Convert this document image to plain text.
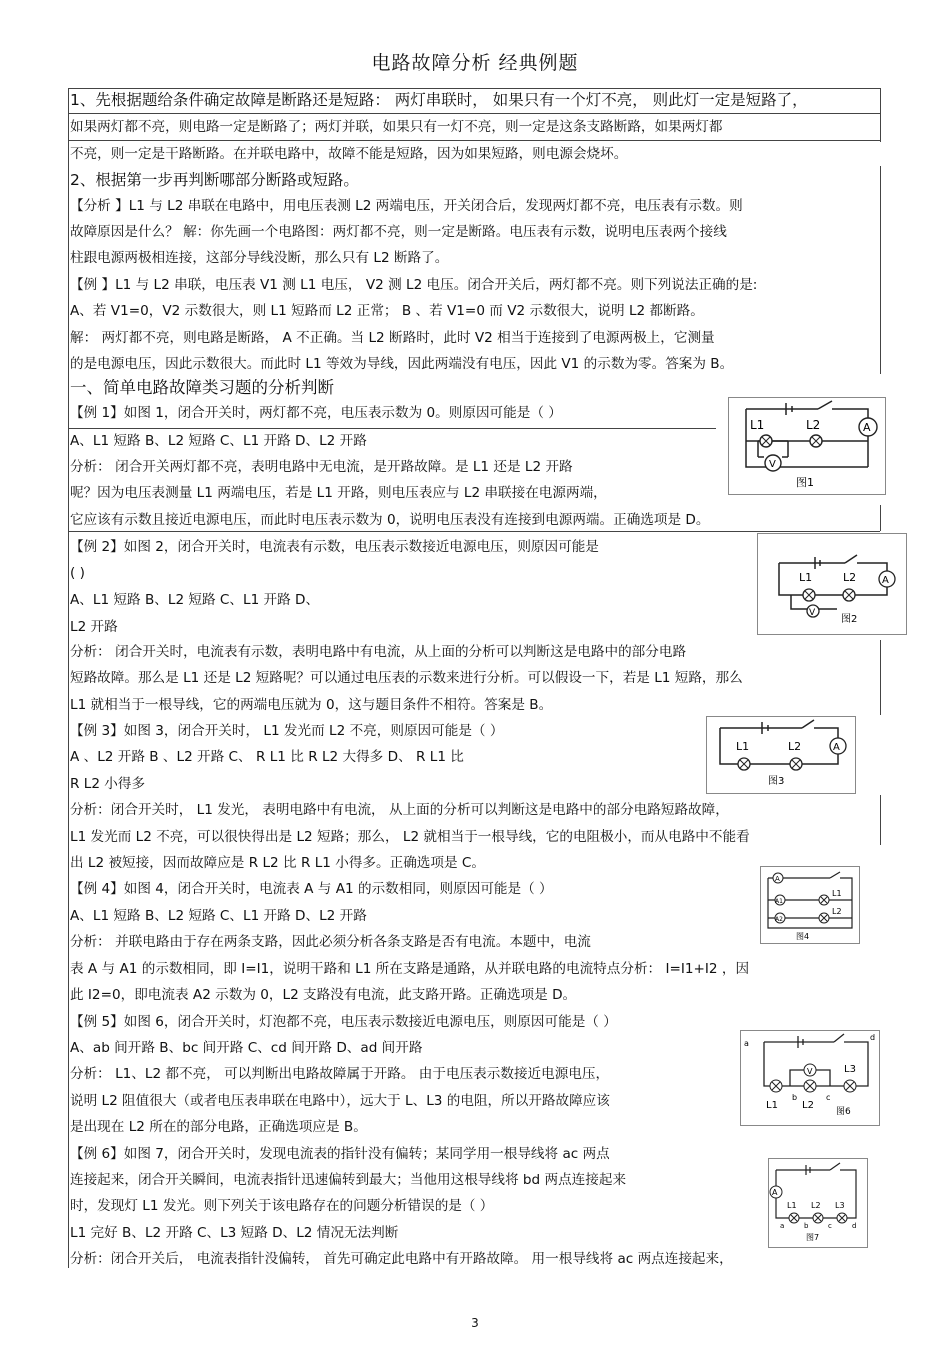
电路故障分析 经典例题
1、先根据题给条件确定故障是断路还是短路： 两灯串联时， 如果只有一个灯不亮， 则此灯一定是短路了，
如果两灯都不亮，则电路一定是断路了；两灯并联，如果只有一灯不亮，则一定是这条支路断路，如果两灯都
不亮，则一定是干路断路。在并联电路中，故障不能是短路，因为如果短路，则电源会烧坏。
2、根据第一步再判断哪部分断路或短路。
【分析 】L1 与 L2 串联在电路中，用电压表测 L2 两端电压，开关闭合后，发现两灯都不亮，电压表有示数。则
故障原因是什么？ 解：你先画一个电路图：两灯都不亮，则一定是断路。电压表有示数，说明电压表两个接线
柱跟电源两极相连接，这部分导线没断，那么只有 L2 断路了。
【例 】L1 与 L2 串联，电压表 V1 测 L1 电压， V2 测 L2 电压。闭合开关后，两灯都不亮。则下列说法正确的是:
A、若 V1=0，V2 示数很大，则 L1 短路而 L2 正常； B 、若 V1=0 而 V2 示数很大，说明 L2 都断路。
解： 两灯都不亮，则电路是断路， A 不正确。当 L2 断路时，此时 V2 相当于连接到了电源两极上，它测量
的是电源电压，因此示数很大。而此时 L1 等效为导线，因此两端没有电压，因此 V1 的示数为零。答案为 B。
一、简单电路故障类习题的分析判断
【例 1】如图 1，闭合开关时，两灯都不亮，电压表示数为 0。则原因可能是（ ）
A、L1 短路 B、L2 短路 C、L1 开路 D、L2 开路
分析： 闭合开关两灯都不亮，表明电路中无电流，是开路故障。是 L1 还是 L2 开路
呢？因为电压表测量 L1 两端电压，若是 L1 开路，则电压表应与 L2 串联接在电源两端，
它应该有示数且接近电源电压，而此时电压表示数为 0，说明电压表没有连接到电源两端。正确选项是 D。
【例 2】如图 2，闭合开关时，电流表有示数，电压表示数接近电源电压，则原因可能是
( )
A、L1 短路 B、L2 短路 C、L1 开路 D、
L2 开路
分析： 闭合开关时，电流表有示数，表明电路中有电流，从上面的分析可以判断这是电路中的部分电路
短路故障。那么是 L1 还是 L2 短路呢？可以通过电压表的示数来进行分析。可以假设一下，若是 L1 短路，那么
L1 就相当于一根导线，它的两端电压就为 0，这与题目条件不相符。答案是 B。
【例 3】如图 3，闭合开关时， L1 发光而 L2 不亮，则原因可能是（ ）
A 、L2 开路 B 、L2 开路 C、 R L1 比 R L2 大得多 D、 R L1 比
R L2 小得多
分析：闭合开关时， L1 发光， 表明电路中有电流， 从上面的分析可以判断这是电路中的部分电路短路故障，
L1 发光而 L2 不亮，可以很快得出是 L2 短路；那么， L2 就相当于一根导线，它的电阻极小，而从电路中不能看
出 L2 被短接，因而故障应是 R L2 比 R L1 小得多。正确选项是 C。
【例 4】如图 4，闭合开关时，电流表 A 与 A1 的示数相同，则原因可能是（ ）
A、L1 短路 B、L2 短路 C、L1 开路 D、L2 开路
分析： 并联电路由于存在两条支路，因此必须分析各条支路是否有电流。本题中，电流
表 A 与 A1 的示数相同，即 I=I1，说明干路和 L1 所在支路是通路，从并联电路的电流特点分析： I=I1+I2 ，因
此 I2=0，即电流表 A2 示数为 0，L2 支路没有电流，此支路开路。正确选项是 D。
【例 5】如图 6，闭合开关时，灯泡都不亮，电压表示数接近电源电压，则原因可能是（ ）
A、ab 间开路 B、bc 间开路 C、cd 间开路 D、ad 间开路
分析： L1、L2 都不亮， 可以判断出电路故障属于开路。 由于电压表示数接近电源电压，
说明 L2 阻值很大（或者电压表串联在电路中），远大于 L、L3 的电阻，所以开路故障应该
是出现在 L2 所在的部分电路，正确选项应是 B。
【例 6】如图 7，闭合开关时，发现电流表的指针没有偏转；某同学用一根导线将 ac 两点
连接起来，闭合开关瞬间，电流表指针迅速偏转到最大；当他用这根导线将 bd 两点连接起来
时，发现灯 L1 发光。则下列关于该电路存在的问题分析错误的是（ ）
L1 完好 B、L2 开路 C、L3 短路 D、L2 情况无法判断
分析：闭合开关后， 电流表指针没偏转， 首先可确定此电路中有开路故障。 用一根导线将 ac 两点连接起来，
L1	L2	A
V
图1
L1	L2	A
V
图2
L1	L2	A
图3
A
A1
A2
L1
L2
图4
V	L3
L1 L2
a
b	c
d
图6
A
L1 L2 L3
a	b	c	d
图7
3
